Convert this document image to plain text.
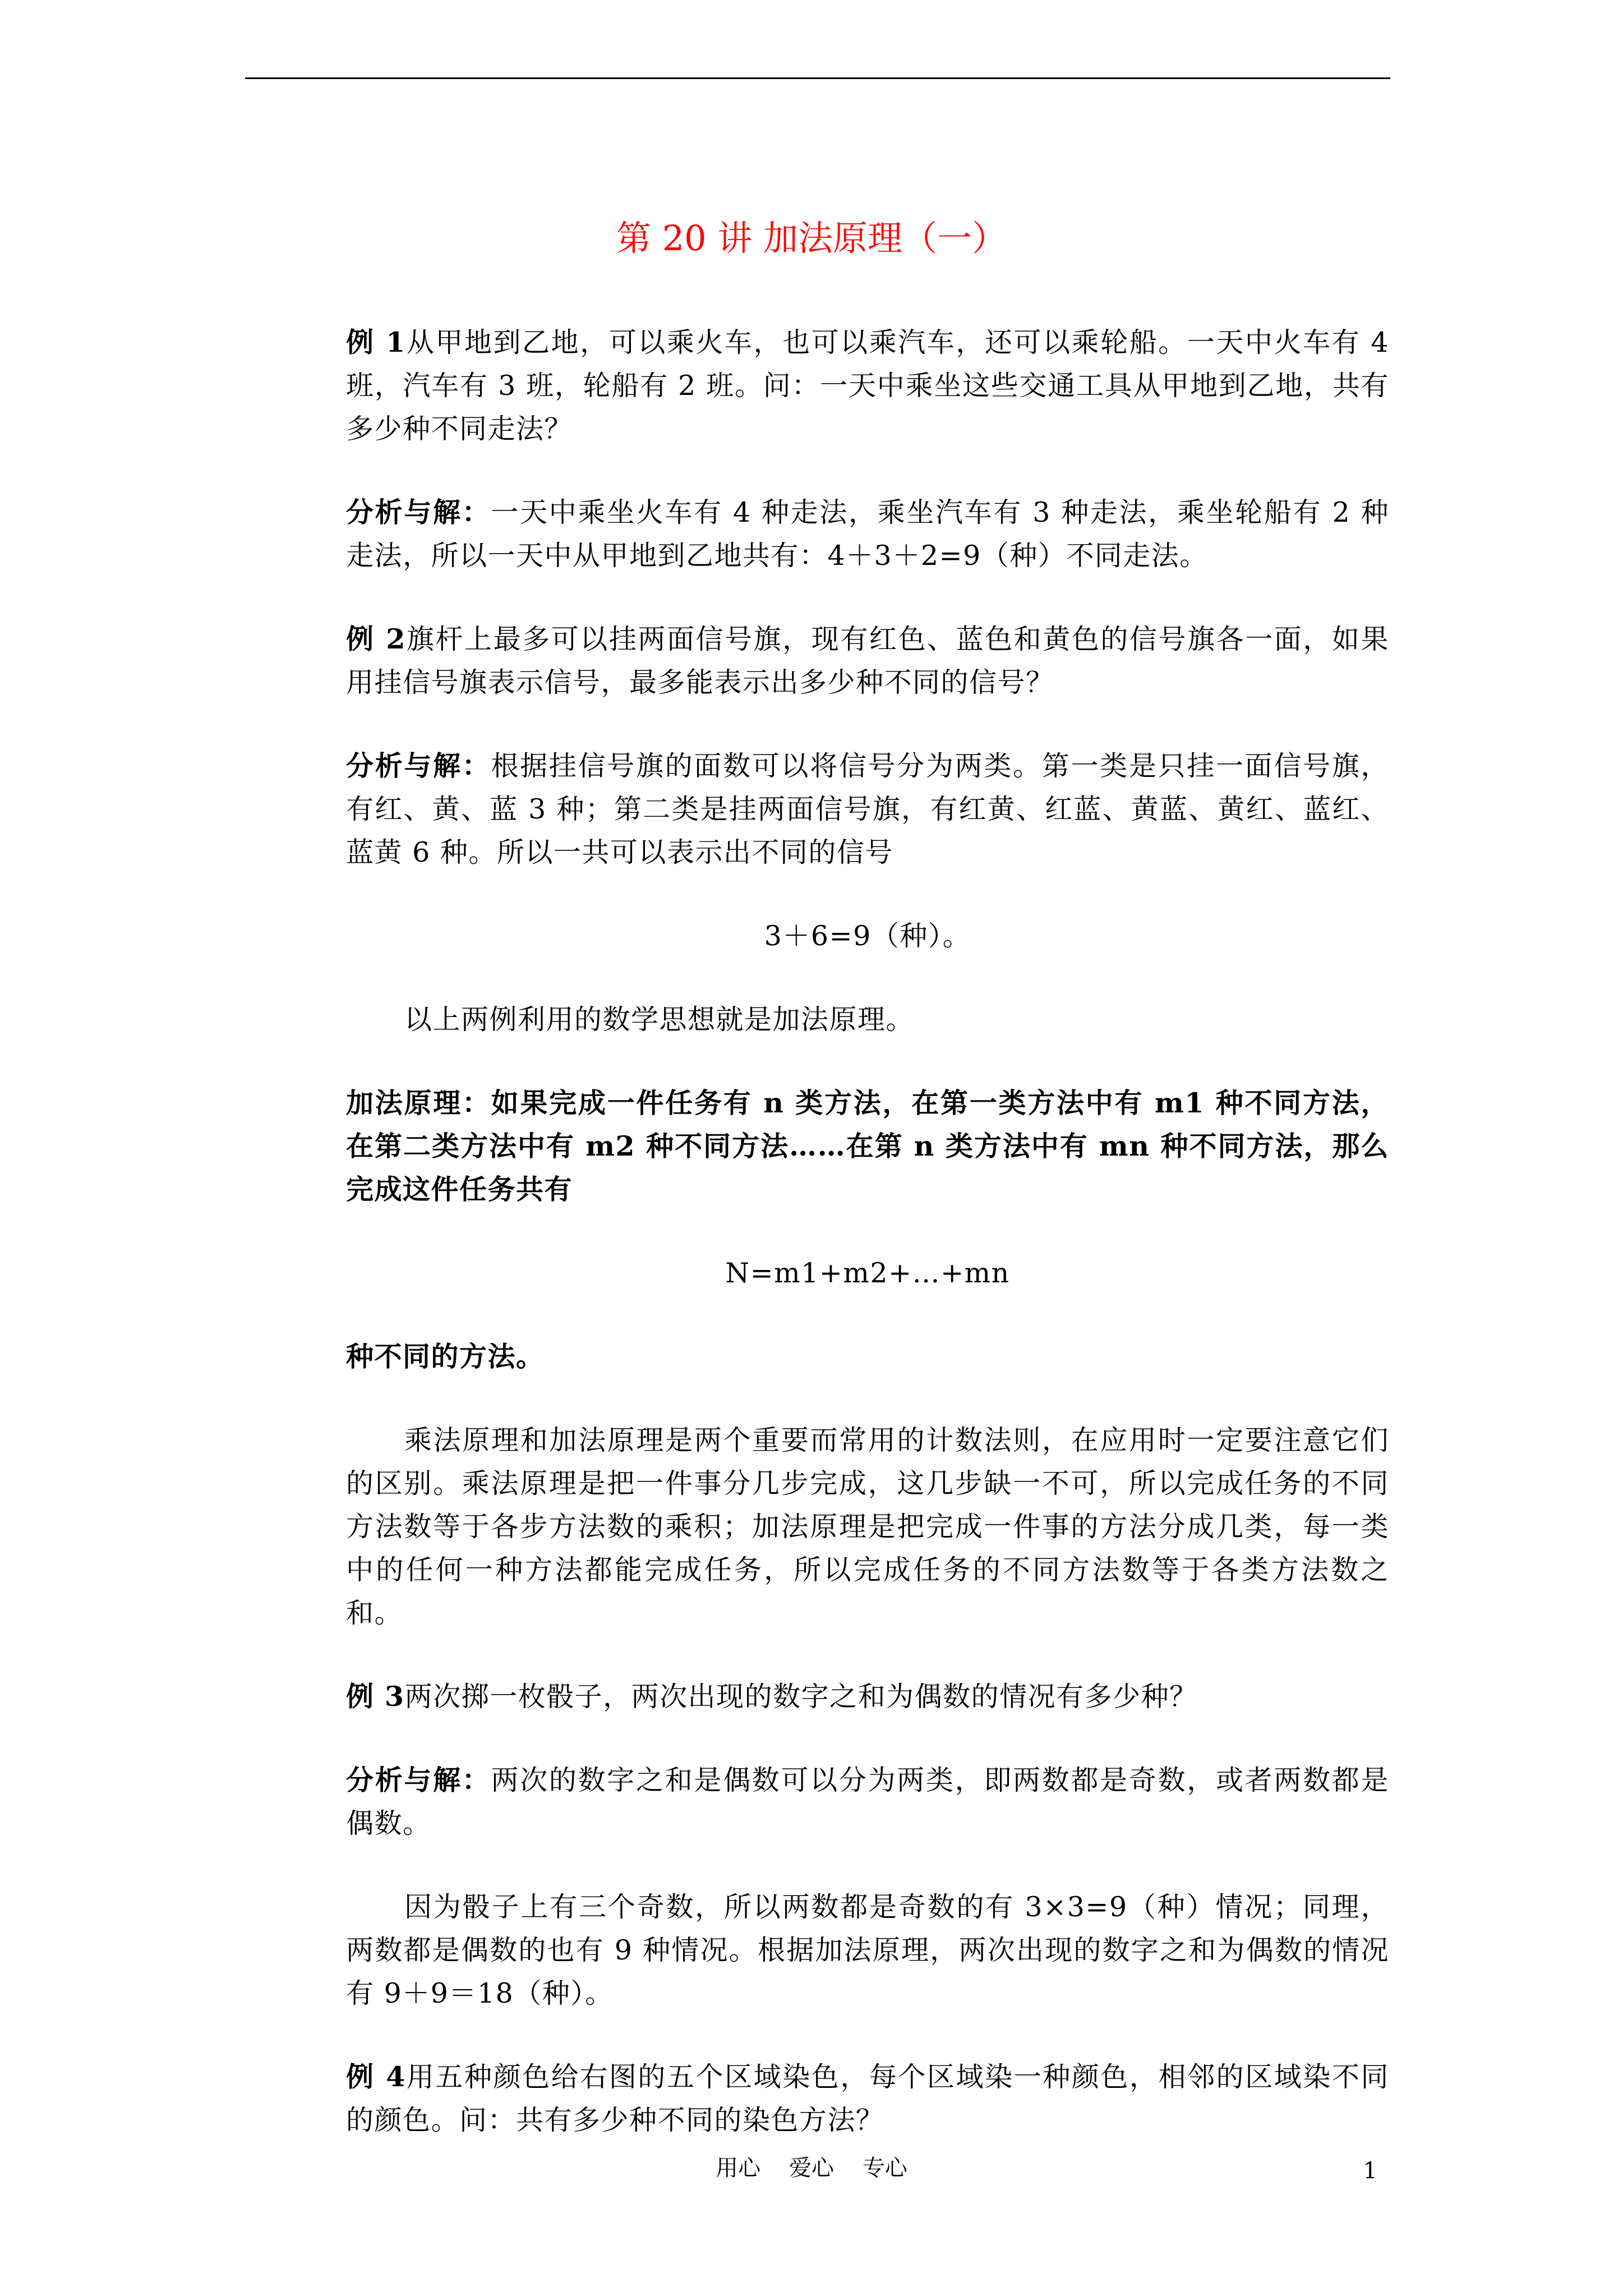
第 20 讲 加法原理（一）

例 1从甲地到乙地，可以乘火车，也可以乘汽车，还可以乘轮船。一天中火车有 4 班，汽车有 3 班，轮船有 2 班。问：一天中乘坐这些交通工具从甲地到乙地，共有多少种不同走法？

分析与解：一天中乘坐火车有 4 种走法，乘坐汽车有 3 种走法，乘坐轮船有 2 种走法，所以一天中从甲地到乙地共有：4＋3＋2=9（种）不同走法。

例 2旗杆上最多可以挂两面信号旗，现有红色、蓝色和黄色的信号旗各一面，如果用挂信号旗表示信号，最多能表示出多少种不同的信号？

分析与解：根据挂信号旗的面数可以将信号分为两类。第一类是只挂一面信号旗，有红、黄、蓝 3 种；第二类是挂两面信号旗，有红黄、红蓝、黄蓝、黄红、蓝红、蓝黄 6 种。所以一共可以表示出不同的信号

3＋6=9（种）。

以上两例利用的数学思想就是加法原理。

加法原理：如果完成一件任务有 n 类方法，在第一类方法中有 m1 种不同方法，在第二类方法中有 m2 种不同方法……在第 n 类方法中有 mn 种不同方法，那么完成这件任务共有

N=m1+m2+…+mn

种不同的方法。

乘法原理和加法原理是两个重要而常用的计数法则，在应用时一定要注意它们的区别。乘法原理是把一件事分几步完成，这几步缺一不可，所以完成任务的不同方法数等于各步方法数的乘积；加法原理是把完成一件事的方法分成几类，每一类中的任何一种方法都能完成任务，所以完成任务的不同方法数等于各类方法数之和。

例 3两次掷一枚骰子，两次出现的数字之和为偶数的情况有多少种？

分析与解：两次的数字之和是偶数可以分为两类，即两数都是奇数，或者两数都是偶数。

因为骰子上有三个奇数，所以两数都是奇数的有 3×3=9（种）情况；同理，两数都是偶数的也有 9 种情况。根据加法原理，两次出现的数字之和为偶数的情况有 9＋9＝18（种）。

例 4用五种颜色给右图的五个区域染色，每个区域染一种颜色，相邻的区域染不同的颜色。问：共有多少种不同的染色方法？

用心    爱心    专心	1
